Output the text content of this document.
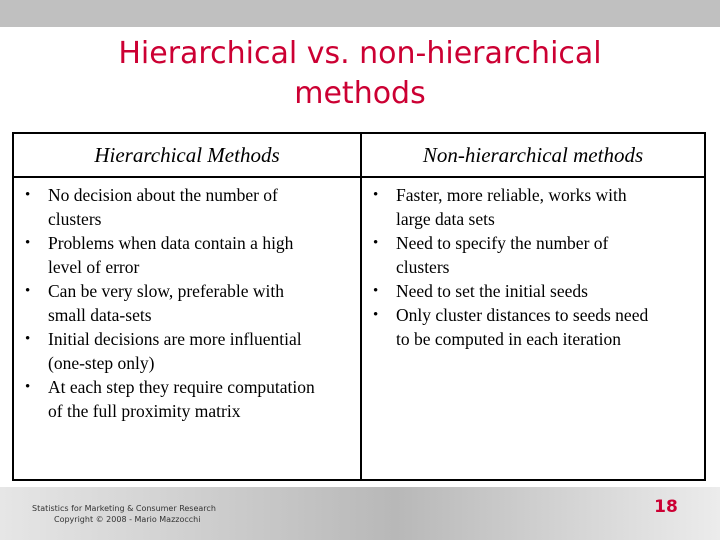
Hierarchical vs. non-hierarchical
methods
Hierarchical Methods	Non-hierarchical methods
• No decision about the number of
clusters
• Problems when data contain a high
level of error
• Can be very slow, preferable with
small data-sets
• Initial decisions are more influential
(one-step only)
• At each step they require computation
of the full proximity matrix
• Faster, more reliable, works with
large data sets
• Need to specify the number of
clusters
• Need to set the initial seeds
• Only cluster distances to seeds need
to be computed in each iteration
Statistics for Marketing & Consumer Research
Copyright © 2008 - Mario Mazzocchi
18
